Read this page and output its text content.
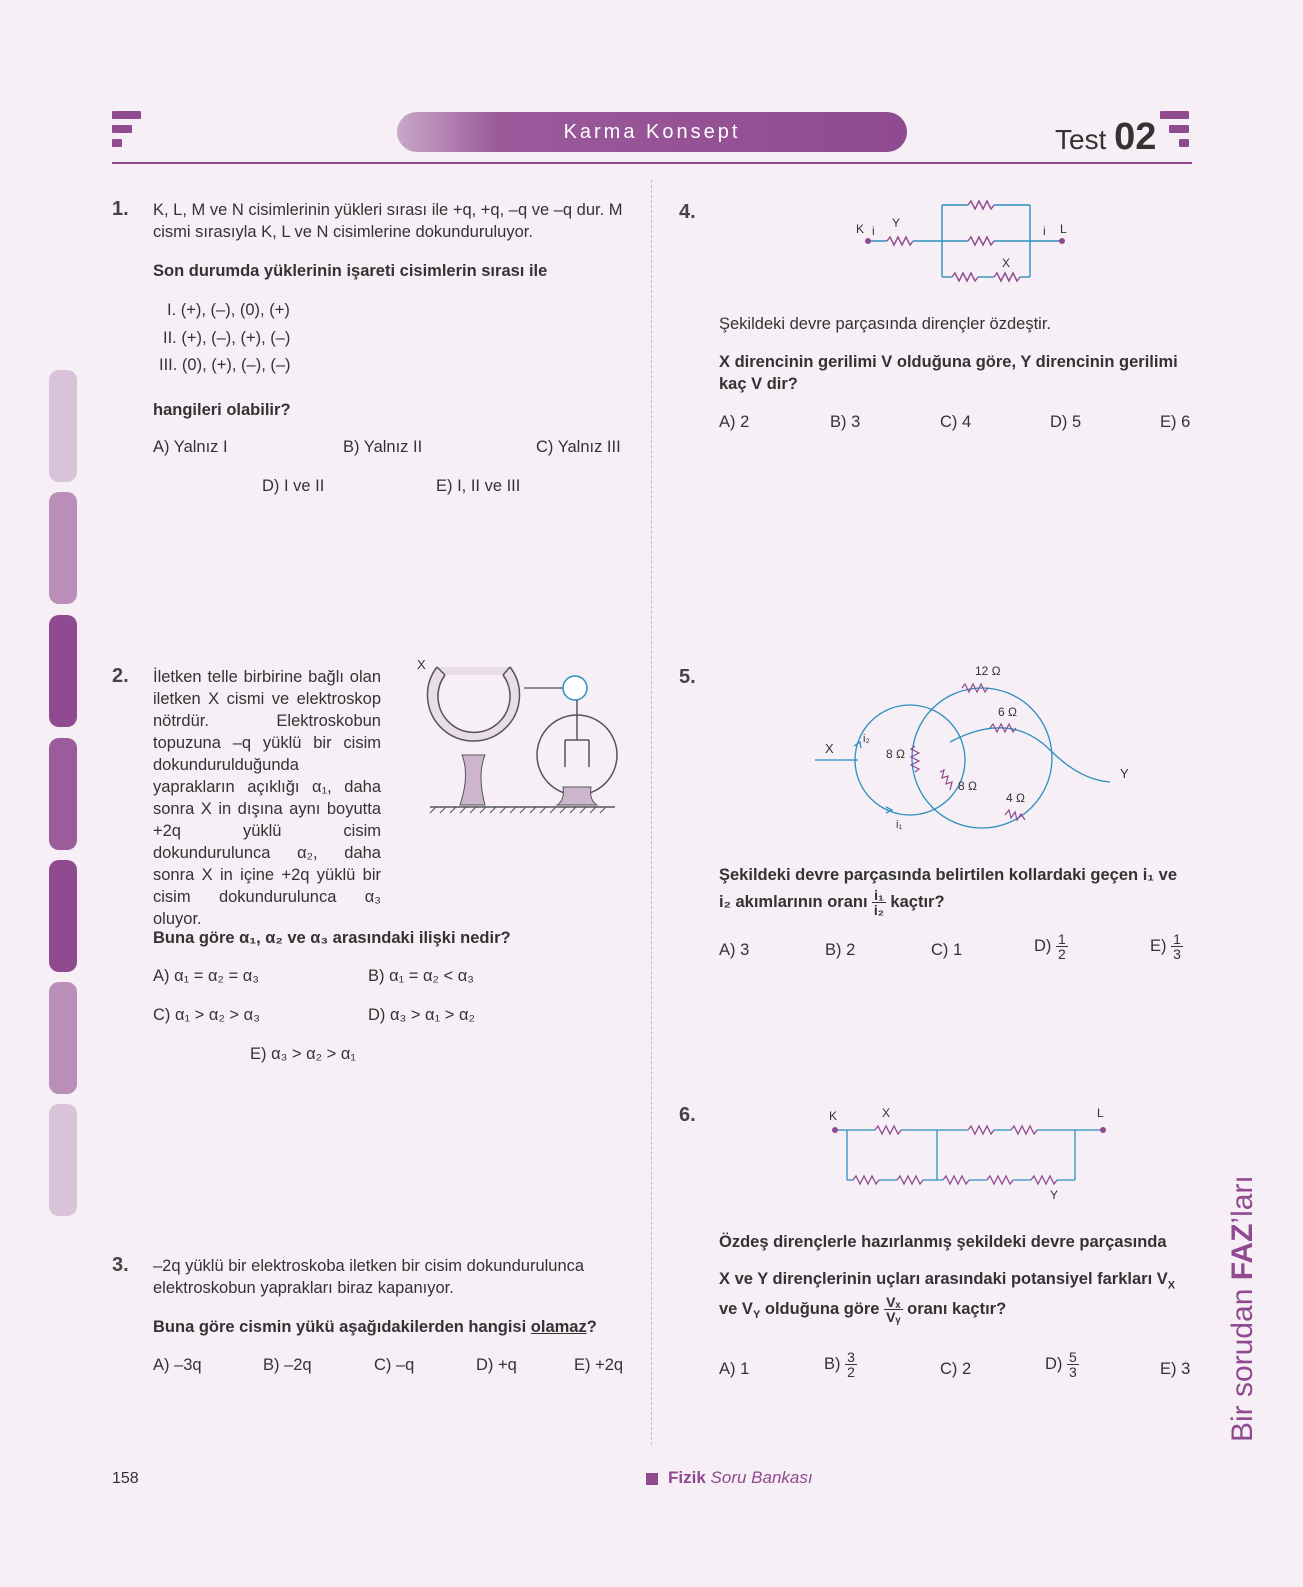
Karma Konsept	Test 02
1. K, L, M ve N cisimlerinin yükleri sırası ile +q, +q, –q ve –q dur. M cismi sırasıyla K, L ve N cisimlerine dokunduruluyor.
Son durumda yüklerinin işareti cisimlerin sırası ile
I. (+), (–), (0), (+)
II. (+), (–), (+), (–)
III. (0), (+), (–), (–)
hangileri olabilir?
A) Yalnız I	B) Yalnız II	C) Yalnız III
D) I ve II	E) I, II ve III
2. İletken telle birbirine bağlı olan iletken X cismi ve elektroskop nötrdür. Elektroskobun topuzuna –q yüklü bir cisim dokundurulduğunda yaprakların açıklığı α₁, daha sonra X in dışına aynı boyutta +2q yüklü cisim dokundurulunca α₂, daha sonra X in içine +2q yüklü bir cisim dokundurulunca α₃ oluyor.
X
Buna göre α₁, α₂ ve α₃ arasındaki ilişki nedir?
A) α₁ = α₂ = α₃	B) α₁ = α₂ < α₃
C) α₁ > α₂ > α₃	D) α₃ > α₁ > α₂
E) α₃ > α₂ > α₁
3. –2q yüklü bir elektroskoba iletken bir cisim dokundurulunca elektroskobun yaprakları biraz kapanıyor.
Buna göre cismin yükü aşağıdakilerden hangisi olamaz?
A) –3q	B) –2q	C) –q	D) +q	E) +2q
4.
K i
Y
X
i L
Şekildeki devre parçasında dirençler özdeştir.
X direncinin gerilimi V olduğuna göre, Y direncinin gerilimi kaç V dir?
A) 2	B) 3	C) 4	D) 5	E) 6
5.	12 Ω
6 Ω
8 Ω
8 Ω
4 Ω
X
Y
i₂
i₁
Şekildeki devre parçasında belirtilen kollardaki geçen i₁ ve
i₂ akımlarının oranı $\frac{\text{i₁}}{\text{i₂}}$ kaçtır?
A) 3	B) 2	C) 1	$D) \frac{1}{2}$	$E) \frac{1}{3}$
6.	K	X	L
Y
Özdeş dirençlerle hazırlanmış şekildeki devre parçasında
X ve Y dirençlerinin uçları arasındaki potansiyel farkları $V_X$
ve $V_Y$ olduğuna göre $\frac{\text{Vₓ}}{\text{Vᵧ}}$ oranı kaçtır?
A) 1	$B) \frac{3}{2}$	C) 2	$D) \frac{5}{3}$	E) 3 Bir sorudan FAZ’ları
158	Fizik Soru Bankası
